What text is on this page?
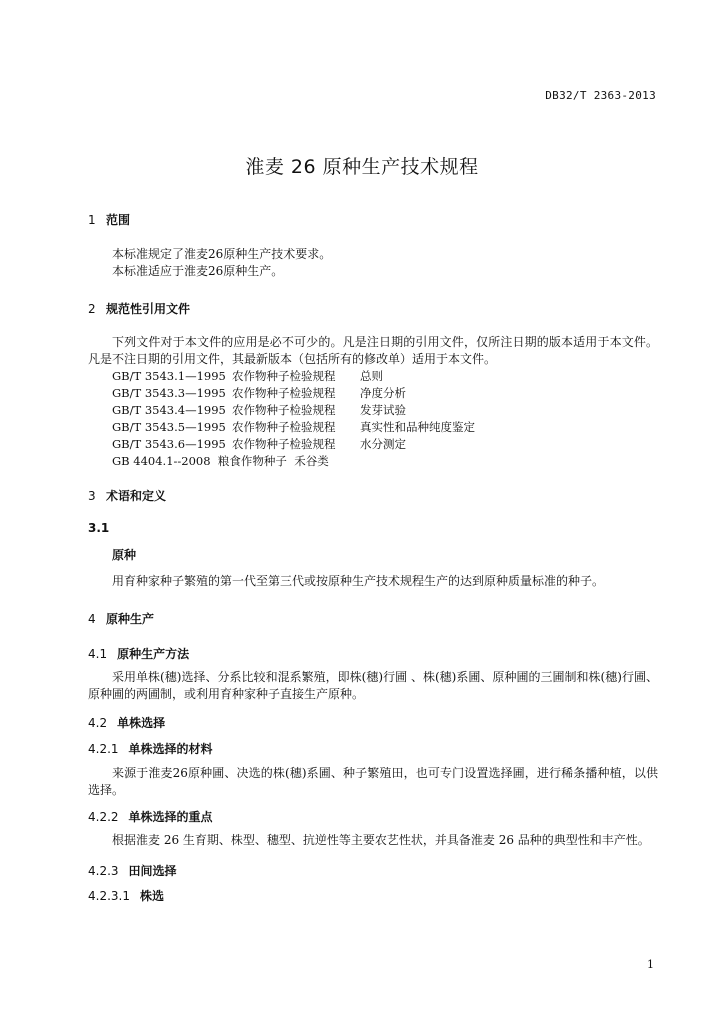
DB32/T 2363-2013
淮麦 26 原种生产技术规程
1 范围
本标准规定了淮麦26原种生产技术要求。
本标准适应于淮麦26原种生产。
2 规范性引用文件
下列文件对于本文件的应用是必不可少的。凡是注日期的引用文件，仅所注日期的版本适用于本文件。凡是不注日期的引用文件，其最新版本（包括所有的修改单）适用于本文件。
GB/T 3543.1—1995 农作物种子检验规程 总则
GB/T 3543.3—1995 农作物种子检验规程 净度分析
GB/T 3543.4—1995 农作物种子检验规程 发芽试验
GB/T 3543.5—1995 农作物种子检验规程 真实性和品种纯度鉴定
GB/T 3543.6—1995 农作物种子检验规程 水分测定
GB 4404.1--2008  粮食作物种子  禾谷类
3 术语和定义
3.1
原种
用育种家种子繁殖的第一代至第三代或按原种生产技术规程生产的达到原种质量标准的种子。
4 原种生产
4.1 原种生产方法
采用单株(穗)选择、分系比较和混系繁殖，即株(穗)行圃 、株(穗)系圃、原种圃的三圃制和株(穗)行圃、原种圃的两圃制，或利用育种家种子直接生产原种。
4.2 单株选择
4.2.1 单株选择的材料
来源于淮麦26原种圃、决选的株(穗)系圃、种子繁殖田，也可专门设置选择圃，进行稀条播种植，以供选择。
4.2.2 单株选择的重点
根据淮麦 26 生育期、株型、穗型、抗逆性等主要农艺性状，并具备淮麦 26 品种的典型性和丰产性。
4.2.3 田间选择
4.2.3.1 株选
1
